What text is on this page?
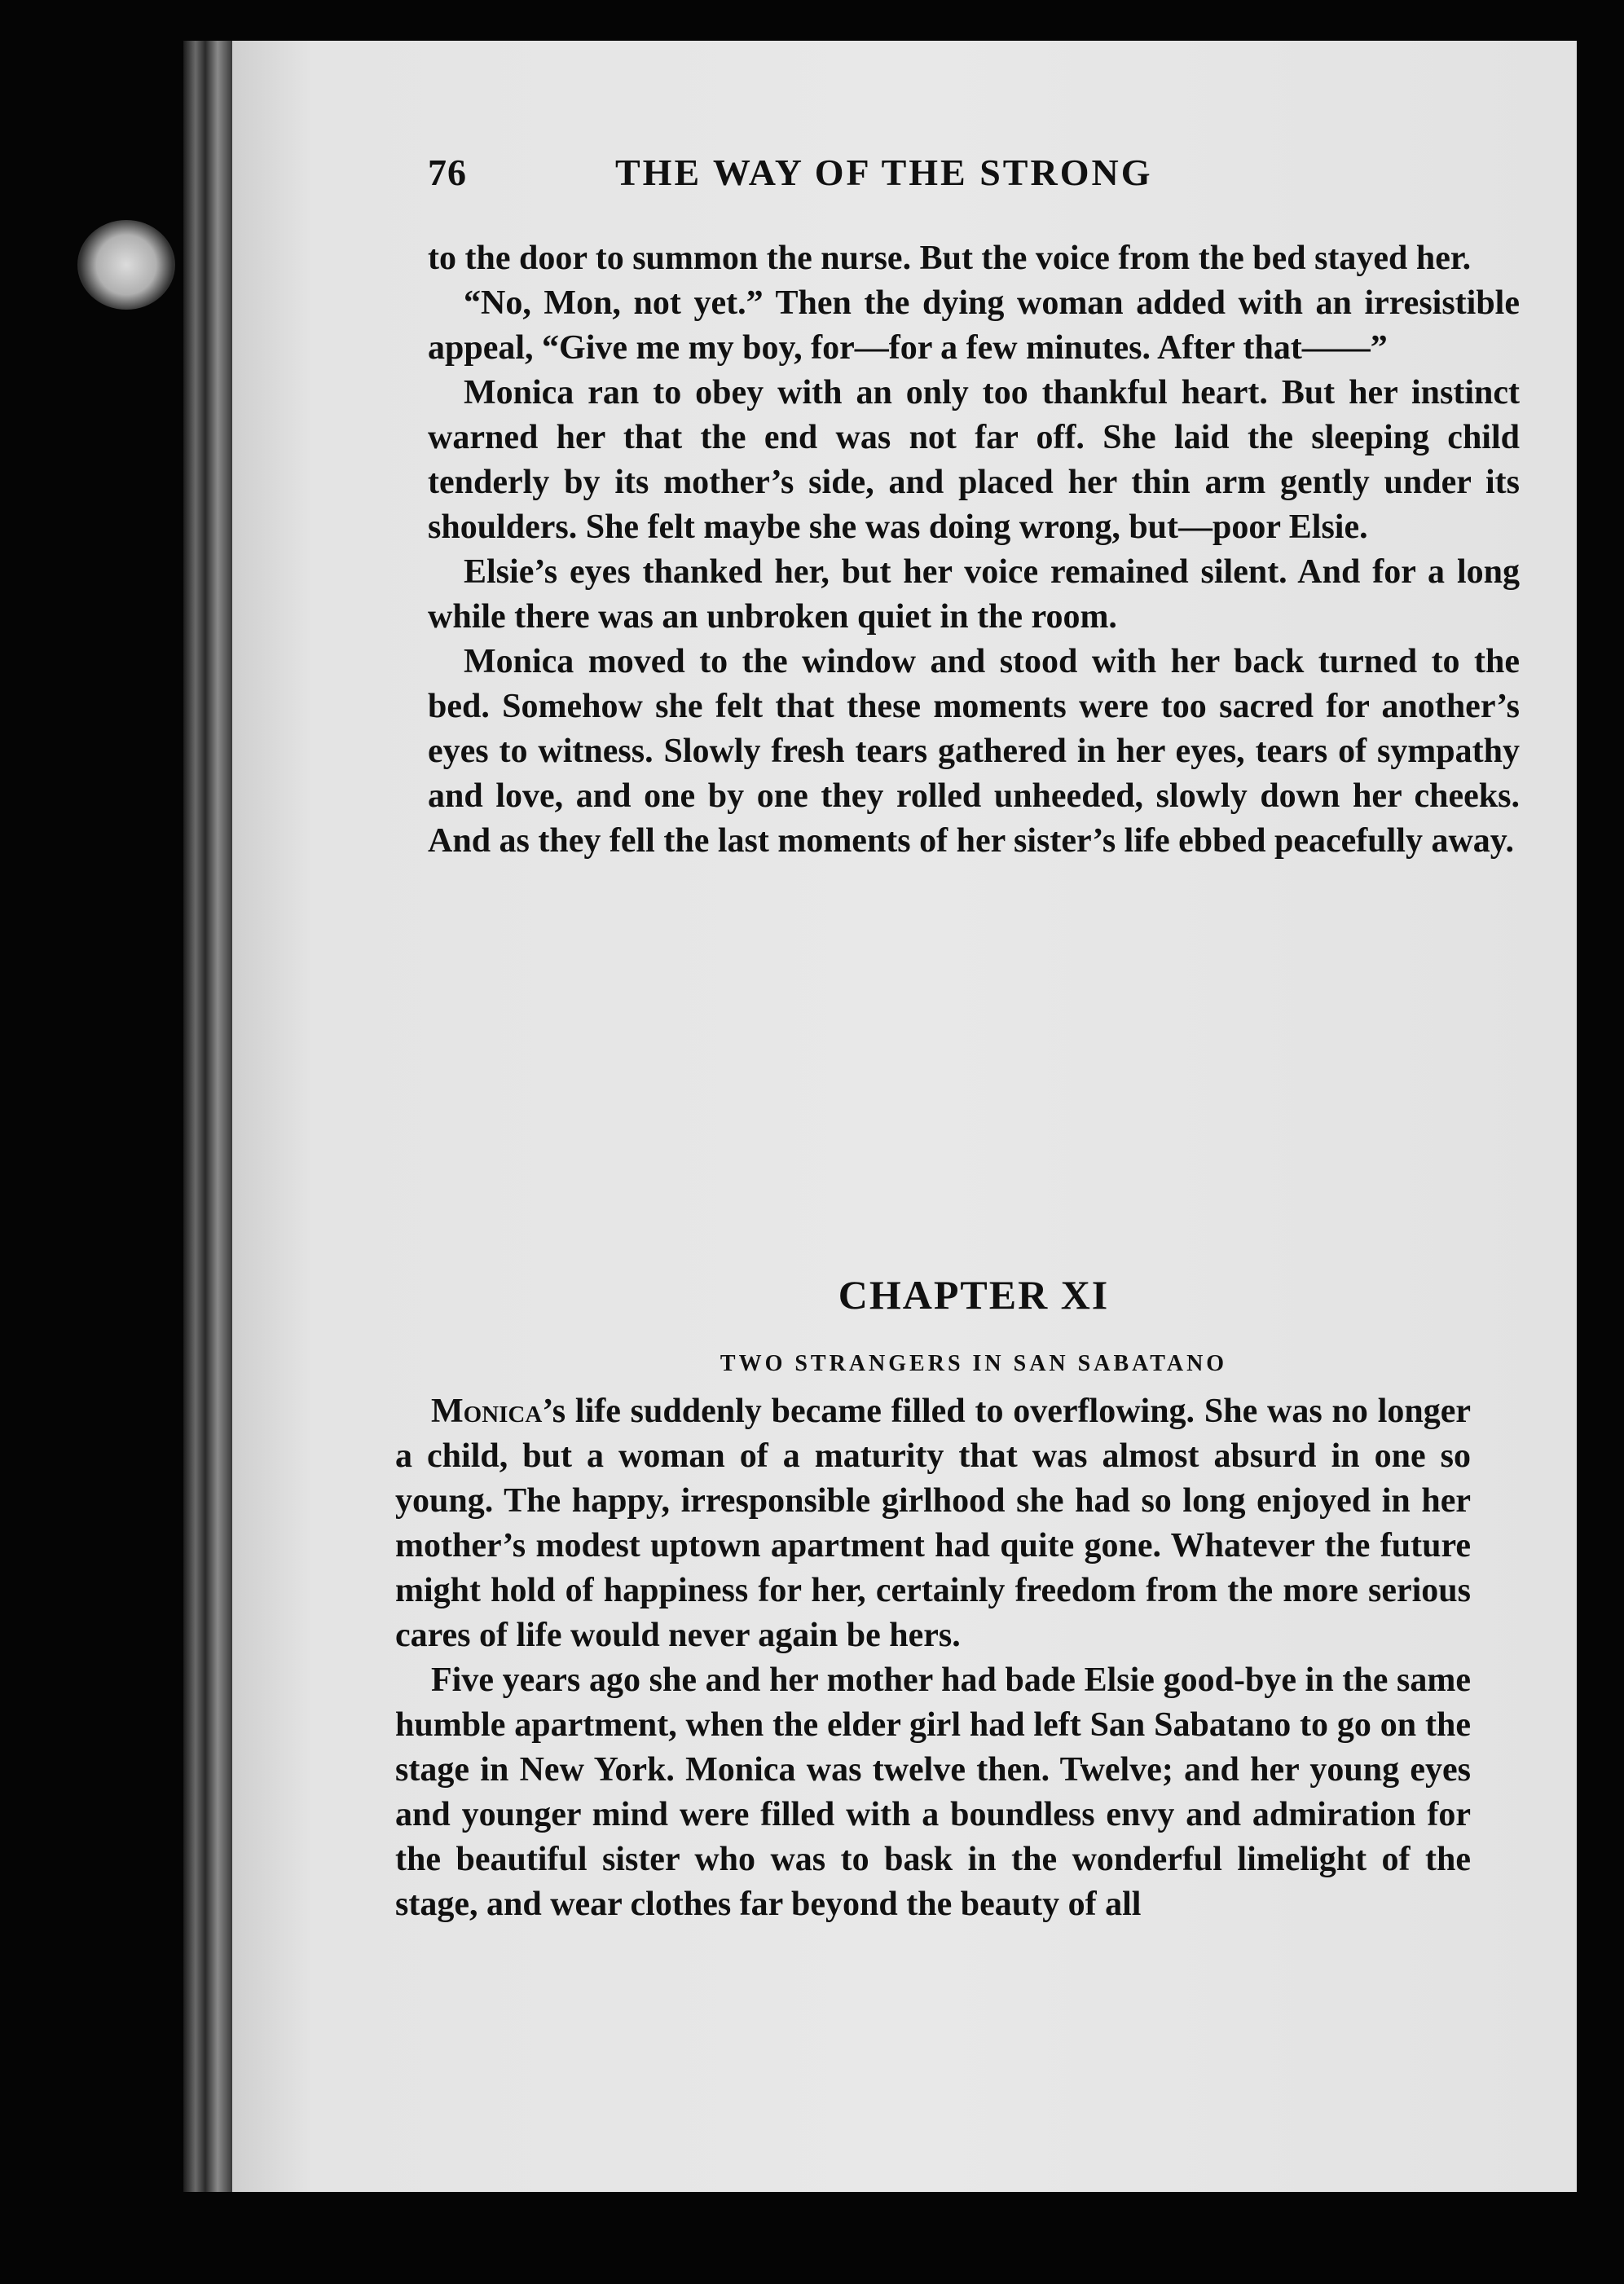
76	THE WAY OF THE STRONG

to the door to summon the nurse. But the voice from the bed stayed her.

“No, Mon, not yet.” Then the dying woman added with an irresistible appeal, “Give me my boy, for—for a few minutes. After that——”

Monica ran to obey with an only too thankful heart. But her instinct warned her that the end was not far off. She laid the sleeping child tenderly by its mother’s side, and placed her thin arm gently under its shoulders. She felt maybe she was doing wrong, but—poor Elsie.

Elsie’s eyes thanked her, but her voice remained silent. And for a long while there was an unbroken quiet in the room.

Monica moved to the window and stood with her back turned to the bed. Somehow she felt that these moments were too sacred for another’s eyes to witness. Slowly fresh tears gathered in her eyes, tears of sympathy and love, and one by one they rolled unheeded, slowly down her cheeks. And as they fell the last moments of her sister’s life ebbed peacefully away.

CHAPTER XI
TWO STRANGERS IN SAN SABATANO

Monica’s life suddenly became filled to overflowing. She was no longer a child, but a woman of a maturity that was almost absurd in one so young. The happy, irresponsible girlhood she had so long enjoyed in her mother’s modest uptown apartment had quite gone. Whatever the future might hold of happiness for her, certainly freedom from the more serious cares of life would never again be hers.

Five years ago she and her mother had bade Elsie good-bye in the same humble apartment, when the elder girl had left San Sabatano to go on the stage in New York. Monica was twelve then. Twelve; and her young eyes and younger mind were filled with a boundless envy and admiration for the beautiful sister who was to bask in the wonderful limelight of the stage, and wear clothes far beyond the beauty of all
